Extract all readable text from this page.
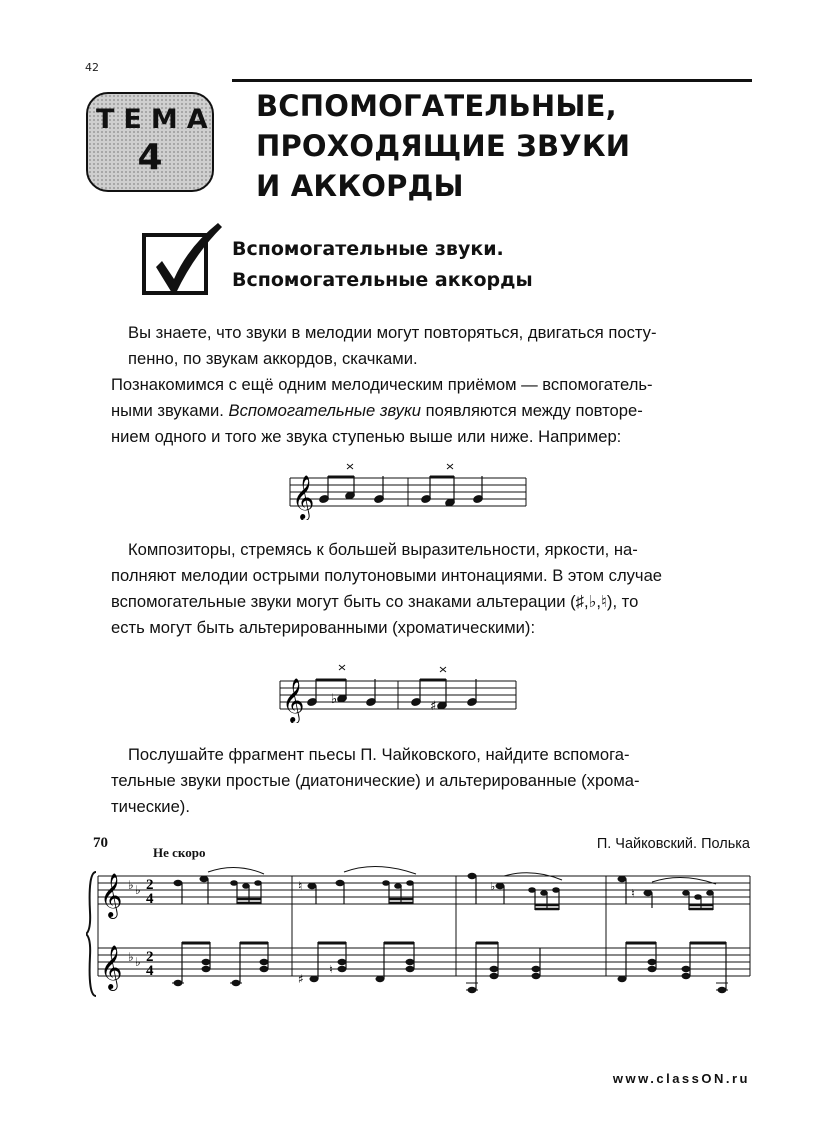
42
ТЕМА
4
ВСПОМОГАТЕЛЬНЫЕ,
ПРОХОДЯЩИЕ ЗВУКИ
И АККОРДЫ
Вспомогательные звуки.
Вспомогательные аккорды
Вы знаете, что звуки в мелодии могут повторяться, двигаться посту-
пенно, по звукам аккордов, скачками.
Познакомимся с ещё одним мелодическим приёмом — вспомогатель-
ными звуками. Вспомогательные звуки появляются между повторе-
нием одного и того же звука ступенью выше или ниже. Например:
𝄞
Композиторы, стремясь к большей выразительности, яркости, на-
полняют мелодии острыми полутоновыми интонациями. В этом случае
вспомогательные звуки могут быть со знаками альтерации (♯,♭,♮), то
есть могут быть альтерированными (хроматическими):
𝄞 ♭	♯
Послушайте фрагмент пьесы П. Чайковского, найдите вспомога-
тельные звуки простые (диатонические) и альтерированные (хрома-
тические).
70
Не скоро
П. Чайковский. Полька
𝄞
𝄞
♭ ♭
♭ ♭
2
4
2
4
♮	♭
♮
♯
♮
www.classON.ru
